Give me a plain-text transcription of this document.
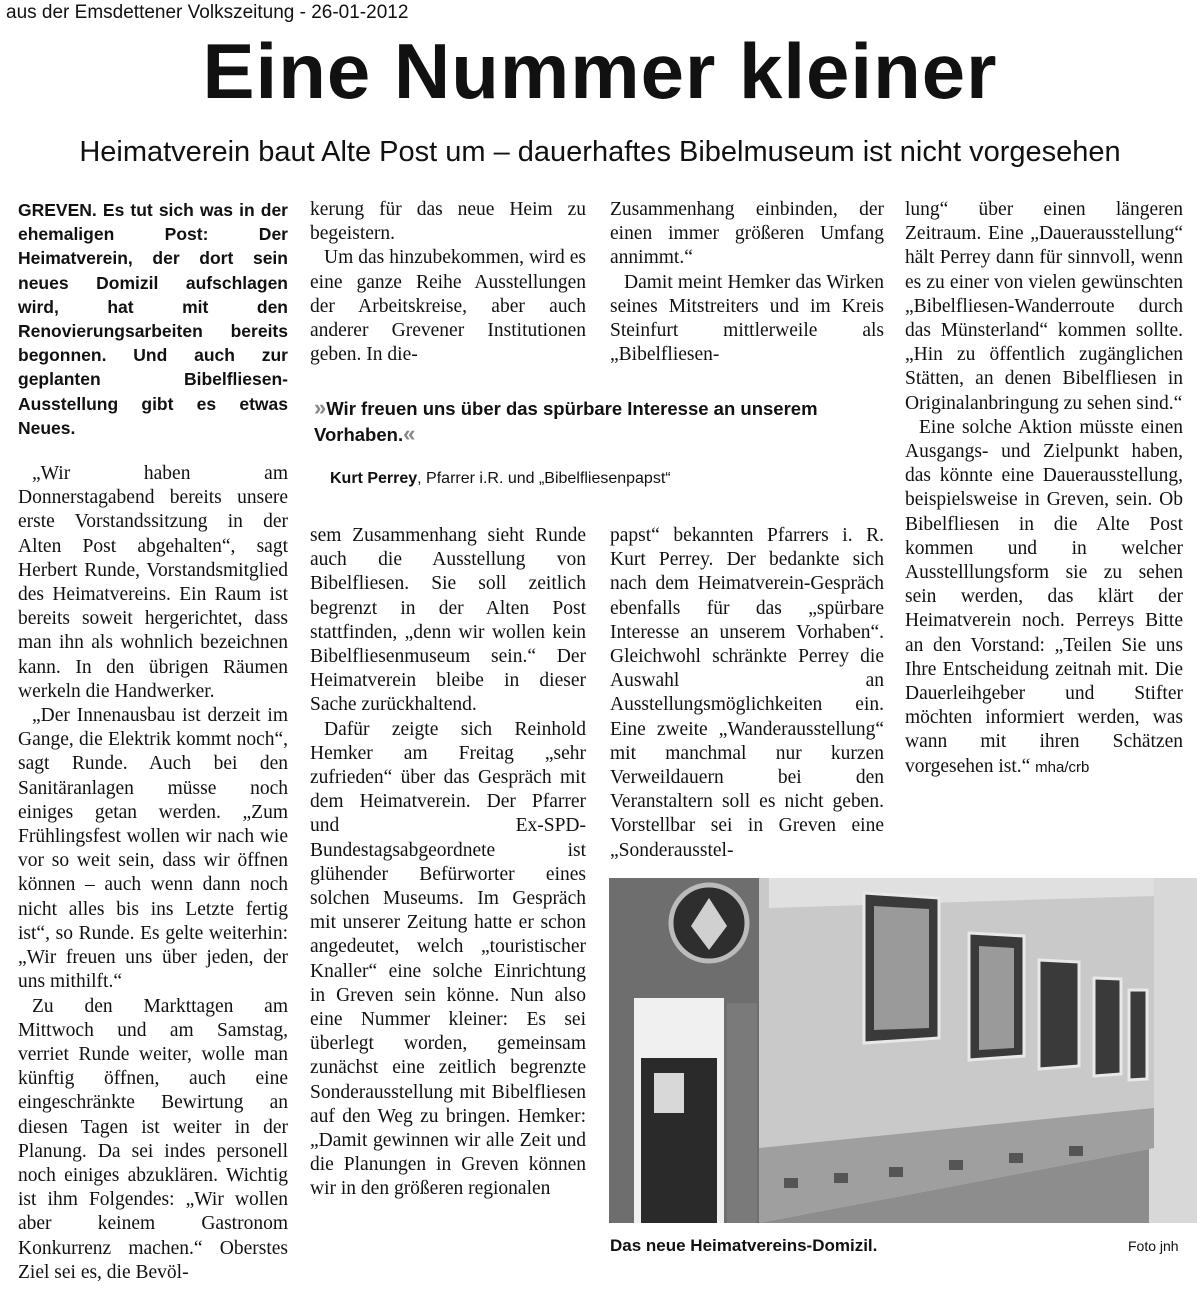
aus der Emsdettener Volkszeitung - 26-01-2012
Eine Nummer kleiner
Heimatverein baut Alte Post um – dauerhaftes Bibelmuseum ist nicht vorgesehen

GREVEN. Es tut sich was in der ehemaligen Post: Der Heimatverein, der dort sein neues Domizil aufschlagen wird, hat mit den Renovierungsarbeiten bereits begonnen. Und auch zur geplanten Bibelfliesen-Ausstellung gibt es etwas Neues.

„Wir haben am Donnerstagabend bereits unsere erste Vorstandssitzung in der Alten Post abgehalten“, sagt Herbert Runde, Vorstandsmitglied des Heimatvereins. Ein Raum ist bereits soweit hergerichtet, dass man ihn als wohnlich bezeichnen kann. In den übrigen Räumen werkeln die Handwerker.

„Der Innenausbau ist derzeit im Gange, die Elektrik kommt noch“, sagt Runde. Auch bei den Sanitäranlagen müsse noch einiges getan werden. „Zum Frühlingsfest wollen wir nach wie vor so weit sein, dass wir öffnen können – auch wenn dann noch nicht alles bis ins Letzte fertig ist“, so Runde. Es gelte weiterhin: „Wir freuen uns über jeden, der uns mithilft.“

Zu den Markttagen am Mittwoch und am Samstag, verriet Runde weiter, wolle man künftig öffnen, auch eine eingeschränkte Bewirtung an diesen Tagen ist weiter in der Planung. Da sei indes personell noch einiges abzuklären. Wichtig ist ihm Folgendes: „Wir wollen aber keinem Gastronom Konkurrenz machen.“ Oberstes Ziel sei es, die Bevöl-

kerung für das neue Heim zu begeistern.

Um das hinzubekommen, wird es eine ganze Reihe Ausstellungen der Arbeitskreise, aber auch anderer Grevener Institutionen geben. In die-

Zusammenhang einbinden, der einen immer größeren Umfang annimmt.“

Damit meint Hemker das Wirken seines Mitstreiters und im Kreis Steinfurt mittlerweile als „Bibelfliesen-

»Wir freuen uns über das spürbare Interesse an unserem Vorhaben.«
Kurt Perrey, Pfarrer i.R. und „Bibelfliesenpapst“

sem Zusammenhang sieht Runde auch die Ausstellung von Bibelfliesen. Sie soll zeitlich begrenzt in der Alten Post stattfinden, „denn wir wollen kein Bibelfliesenmuseum sein.“ Der Heimatverein bleibe in dieser Sache zurückhaltend.

Dafür zeigte sich Reinhold Hemker am Freitag „sehr zufrieden“ über das Gespräch mit dem Heimatverein. Der Pfarrer und Ex-SPD-Bundestagsabgeordnete ist glühender Befürworter eines solchen Museums. Im Gespräch mit unserer Zeitung hatte er schon angedeutet, welch „touristischer Knaller“ eine solche Einrichtung in Greven sein könne. Nun also eine Nummer kleiner: Es sei überlegt worden, gemeinsam zunächst eine zeitlich begrenzte Sonderausstellung mit Bibelfliesen auf den Weg zu bringen. Hemker: „Damit gewinnen wir alle Zeit und die Planungen in Greven können wir in den größeren regionalen

papst“ bekannten Pfarrers i. R. Kurt Perrey. Der bedankte sich nach dem Heimatverein-Gespräch ebenfalls für das „spürbare Interesse an unserem Vorhaben“. Gleichwohl schränkte Perrey die Auswahl an Ausstellungsmöglichkeiten ein. Eine zweite „Wanderausstellung“ mit manchmal nur kurzen Verweildauern bei den Veranstaltern soll es nicht geben. Vorstellbar sei in Greven eine „Sonderausstel-

lung“ über einen längeren Zeitraum. Eine „Dauerausstellung“ hält Perrey dann für sinnvoll, wenn es zu einer von vielen gewünschten „Bibelfliesen-Wanderroute durch das Münsterland“ kommen sollte. „Hin zu öffentlich zugänglichen Stätten, an denen Bibelfliesen in Originalanbringung zu sehen sind.“

Eine solche Aktion müsste einen Ausgangs- und Zielpunkt haben, das könnte eine Dauerausstellung, beispielsweise in Greven, sein. Ob Bibelfliesen in die Alte Post kommen und in welcher Ausstelllungsform sie zu sehen sein werden, das klärt der Heimatverein noch. Perreys Bitte an den Vorstand: „Teilen Sie uns Ihre Entscheidung zeitnah mit. Die Dauerleihgeber und Stifter möchten informiert werden, was wann mit ihren Schätzen vorgesehen ist.“ mha/crb

Das neue Heimatvereins-Domizil.	Foto jnh
